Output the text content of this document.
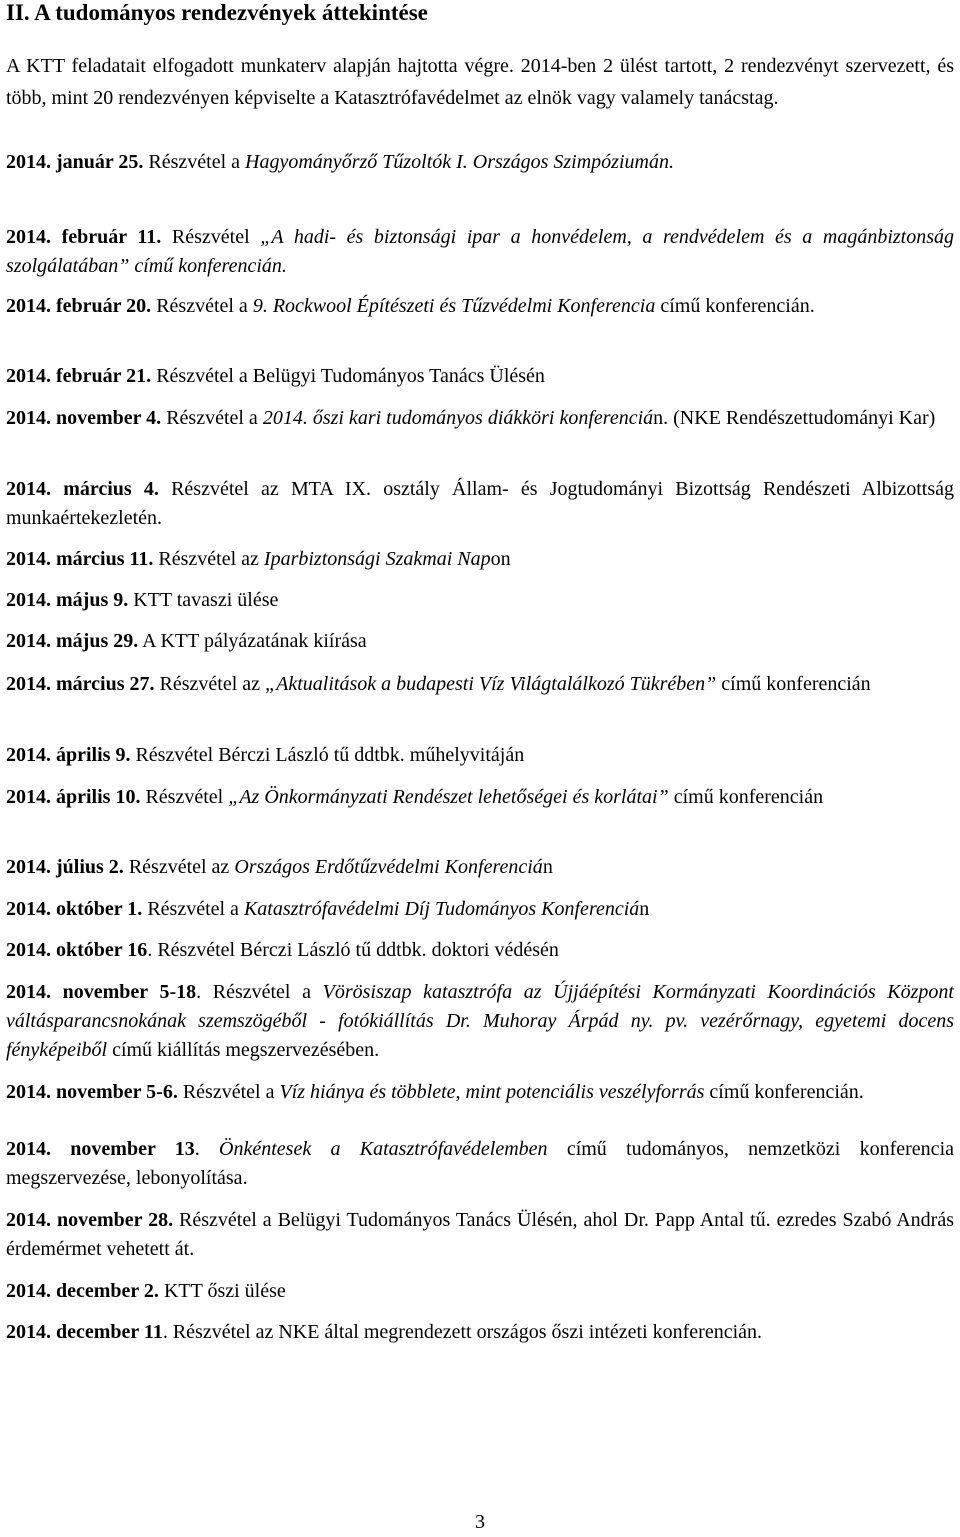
II. A tudományos rendezvények áttekintése
A KTT feladatait elfogadott munkaterv alapján hajtotta végre. 2014-ben 2 ülést tartott, 2 rendezvényt szervezett, és több, mint 20 rendezvényen képviselte a Katasztrófavédelmet az elnök vagy valamely tanácstag.
2014. január 25. Részvétel a Hagyományőrző Tűzoltók I. Országos Szimpóziumán.
2014. február 11. Részvétel „A hadi- és biztonsági ipar a honvédelem, a rendvédelem és a magánbiztonság szolgálatában” című konferencián.
2014. február 20. Részvétel a 9. Rockwool Építészeti és Tűzvédelmi Konferencia című konferencián.
2014. február 21. Részvétel a Belügyi Tudományos Tanács Ülésén
2014. november 4. Részvétel a 2014. őszi kari tudományos diákköri konferencián. (NKE Rendészettudományi Kar)
2014. március 4. Részvétel az MTA IX. osztály Állam- és Jogtudományi Bizottság Rendészeti Albizottság munkaértekezletén.
2014. március 11. Részvétel az Iparbiztonsági Szakmai Napon
2014. május 9. KTT tavaszi ülése
2014. május 29. A KTT pályázatának kiírása
2014. március 27. Részvétel az „Aktualitások a budapesti Víz Világtalálkozó Tükrében” című konferencián
2014. április 9. Részvétel Bérczi László tű ddtbk. műhelyvitáján
2014. április 10. Részvétel „Az Önkormányzati Rendészet lehetőségei és korlátai” című konferencián
2014. július 2. Részvétel az Országos Erdőtűzvédelmi Konferencián
2014. október 1. Részvétel a Katasztrófavédelmi Díj Tudományos Konferencián
2014. október 16. Részvétel Bérczi László tű ddtbk. doktori védésén
2014. november 5-18. Részvétel a Vörösiszap katasztrófa az Újjáépítési Kormányzati Koordinációs Központ váltásparancsnokának szemszögéből - fotókiállítás Dr. Muhoray Árpád ny. pv. vezérőrnagy, egyetemi docens fényképeiből című kiállítás megszervezésében.
2014. november 5-6. Részvétel a Víz hiánya és többlete, mint potenciális veszélyforrás című konferencián.
2014. november 13. Önkéntesek a Katasztrófavédelemben című tudományos, nemzetközi konferencia megszervezése, lebonyolítása.
2014. november 28. Részvétel a Belügyi Tudományos Tanács Ülésén, ahol Dr. Papp Antal tű. ezredes Szabó András érdemérmet vehetett át.
2014. december 2. KTT őszi ülése
2014. december 11. Részvétel az NKE által megrendezett országos őszi intézeti konferencián.
3
